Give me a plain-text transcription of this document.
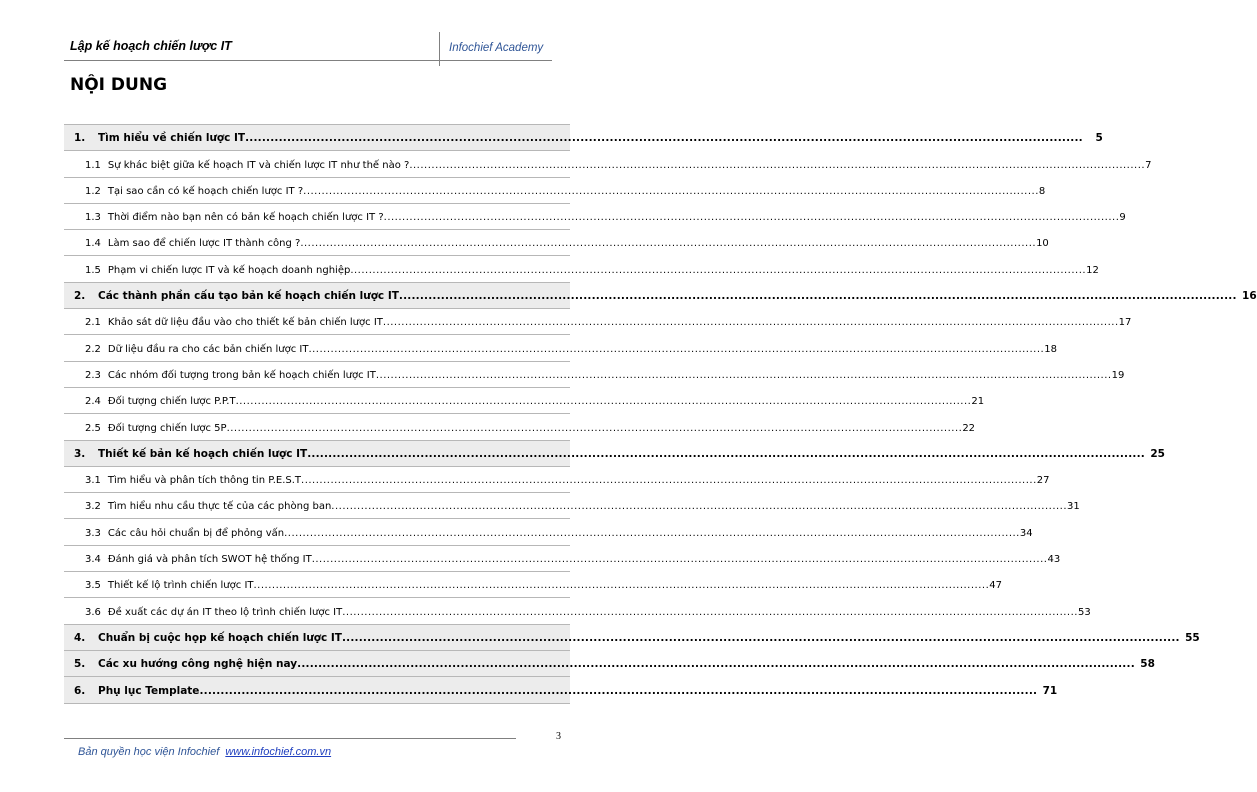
Lập kế hoạch chiến lược IT	Infochief Academy
NỘI DUNG
1.	Tìm hiểu về chiến lược IT ........................................................................................................................................................................................................	5
1.1 Sự khác biệt giữa kế hoạch IT và chiến lược IT như thế nào ? ........................................................................................................................................................................................................ 7
1.2 Tại sao cần có kế hoạch chiến lược IT ? ........................................................................................................................................................................................................ 8
1.3 Thời điểm nào bạn nên có bản kế hoạch chiến lược IT ? ........................................................................................................................................................................................................ 9
1.4 Làm sao để chiến lược IT thành công ? ........................................................................................................................................................................................................ 10
1.5 Phạm vi chiến lược IT và kế hoạch doanh nghiệp ........................................................................................................................................................................................................ 12
2.	Các thành phần cấu tạo bản kế hoạch chiến lược IT ........................................................................................................................................................................................................ 16
2.1 Khảo sát dữ liệu đầu vào cho thiết kế bản chiến lược IT ........................................................................................................................................................................................................ 17
2.2 Dữ liệu đầu ra cho các bản chiến lược IT ........................................................................................................................................................................................................ 18
2.3 Các nhóm đối tượng trong bản kế hoạch chiến lược IT ........................................................................................................................................................................................................ 19
2.4 Đối tượng chiến lược P.P.T ........................................................................................................................................................................................................ 21
2.5 Đối tượng chiến lược 5P ........................................................................................................................................................................................................ 22
3.	Thiết kế bản kế hoạch chiến lược IT ........................................................................................................................................................................................................ 25
3.1 Tìm hiểu và phân tích thông tin P.E.S.T ........................................................................................................................................................................................................ 27
3.2 Tìm hiểu nhu cầu thực tế của các phòng ban ........................................................................................................................................................................................................ 31
3.3 Các câu hỏi chuẩn bị để phỏng vấn ........................................................................................................................................................................................................ 34
3.4 Đánh giá và phân tích SWOT hệ thống IT ........................................................................................................................................................................................................ 43
3.5 Thiết kế lộ trình chiến lược IT ........................................................................................................................................................................................................ 47
3.6 Đề xuất các dự án IT theo lộ trình chiến lược IT ........................................................................................................................................................................................................ 53
4.	Chuẩn bị cuộc họp kế hoạch chiến lược IT ........................................................................................................................................................................................................ 55
5.	Các xu hướng công nghệ hiện nay ........................................................................................................................................................................................................ 58
6.	Phụ lục Template ........................................................................................................................................................................................................ 71
3
Bản quyền học viện Infochief www.infochief.com.vn
